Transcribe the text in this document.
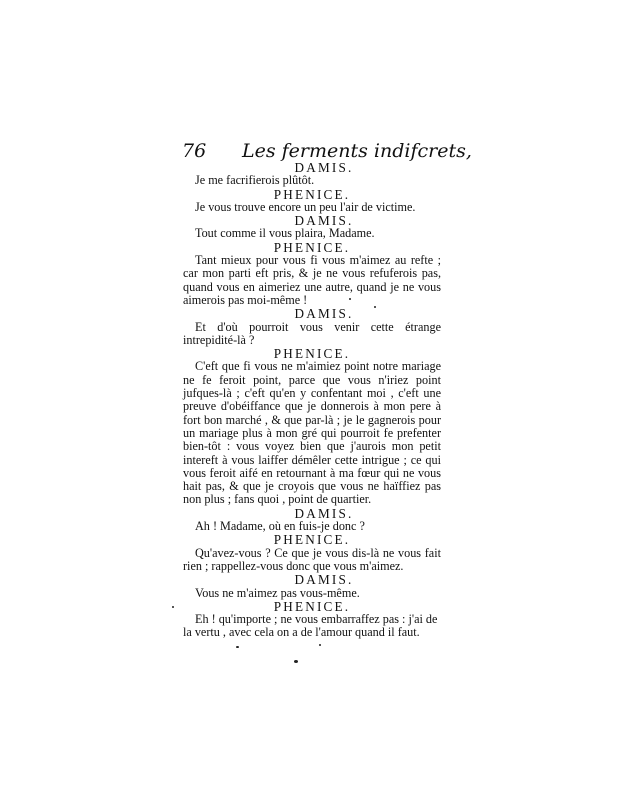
76 Les ferments indifcrets,

DAMIS.

Je me facrifierois plûtôt.

PHENICE.

Je vous trouve encore un peu l'air de victime.

DAMIS.

Tout comme il vous plaira, Madame.

PHENICE.

Tant mieux pour vous fi vous m'aimez au refte ; car mon parti eft pris, & je ne vous refuferois pas, quand vous en aimeriez une autre, quand je ne vous aimerois pas moi-même !

DAMIS.

Et d'où pourroit vous venir cette étrange intrepidité-là ?

PHENICE.

C'eft que fi vous ne m'aimiez point notre mariage ne fe feroit point, parce que vous n'iriez point jufques-là ; c'eft qu'en y confentant moi , c'eft une preuve d'obéiffance que je donnerois à mon pere à fort bon marché , & que par-là ; je le gagnerois pour un mariage plus à mon gré qui pourroit fe prefenter bien-tôt : vous voyez bien que j'aurois mon petit intereft à vous laiffer démêler cette intrigue ; ce qui vous feroit aifé en retournant à ma fœur qui ne vous hait pas, & que je croyois que vous ne haïffiez pas non plus ; fans quoi , point de quartier.

DAMIS.

Ah ! Madame, où en fuis-je donc ?

PHENICE.

Qu'avez-vous ? Ce que je vous dis-là ne vous fait rien ; rappellez-vous donc que vous m'aimez.

DAMIS.

Vous ne m'aimez pas vous-même.

PHENICE.

Eh ! qu'importe ; ne vous embarraffez pas : j'ai de la vertu , avec cela on a de l'amour quand il faut.
